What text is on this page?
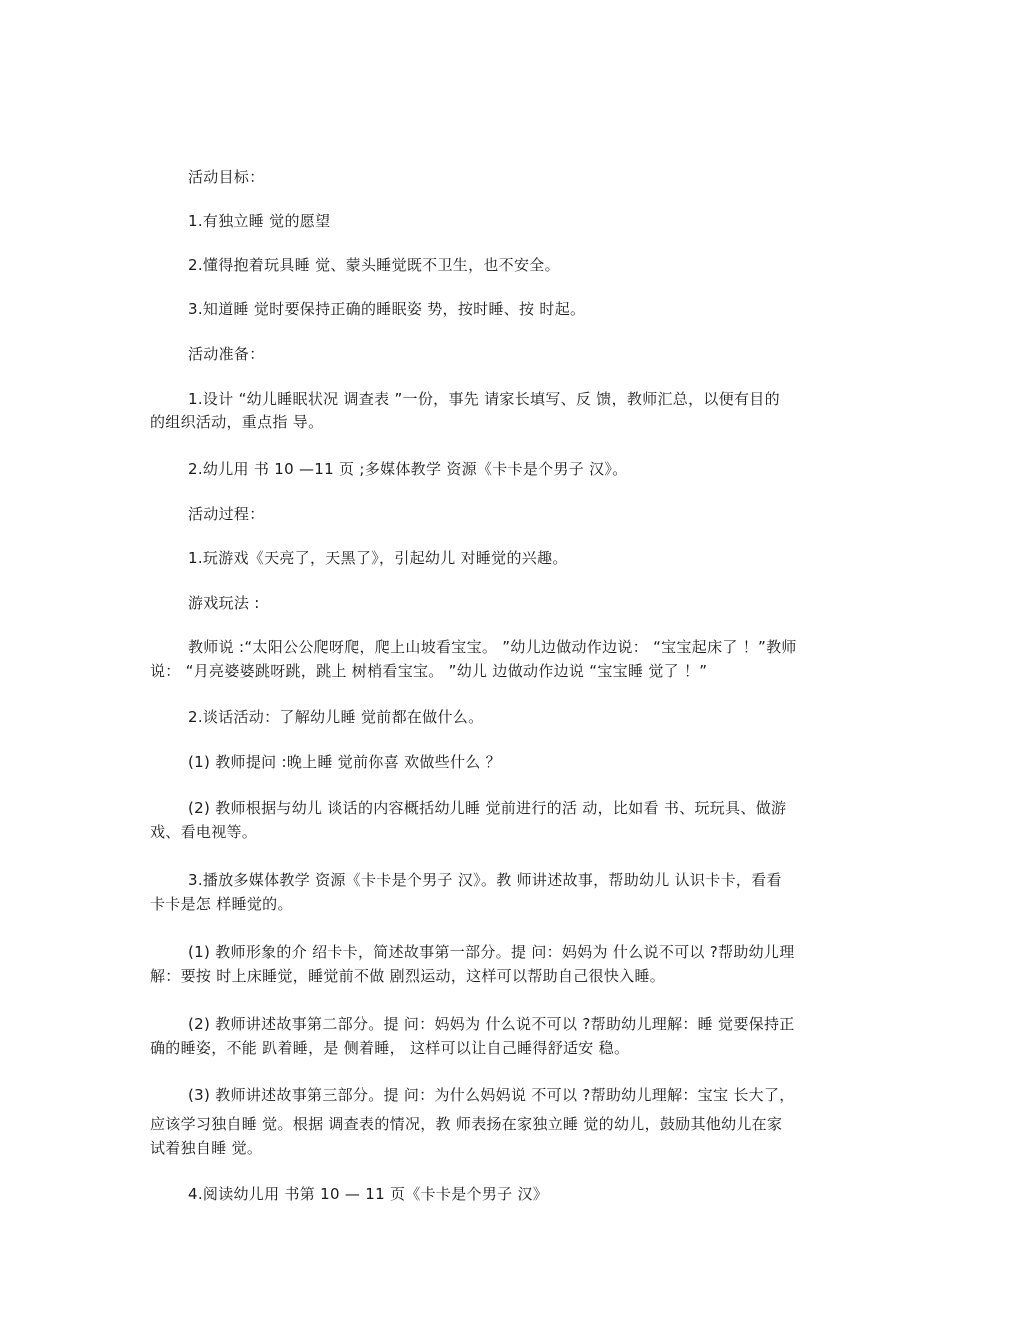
活动目标：
1.有独立睡 觉的愿望
2.懂得抱着玩具睡 觉、蒙头睡觉既不卫生，也不安全。
3.知道睡 觉时要保持正确的睡眠姿 势，按时睡、按 时起。
活动准备：
1.设计 “幼儿睡眠状况 调查表 ”一份，事先 请家长填写、反 馈，教师汇总，以便有目的
的组织活动，重点指 导。
2.幼儿用 书 10 —11 页 ;多媒体教学 资源《卡卡是个男子 汉》。
活动过程：
1.玩游戏《天亮了，天黑了》，引起幼儿 对睡觉的兴趣。
游戏玩法 :
教师说 :“太阳公公爬呀爬，爬上山坡看宝宝。 ”幼儿边做动作边说： “宝宝起床了 ！”教师
说： “月亮婆婆跳呀跳，跳上 树梢看宝宝。 ”幼儿 边做动作边说 “宝宝睡 觉了 ！”
2.谈话活动：了解幼儿睡 觉前都在做什么。
(1) 教师提问 :晚上睡 觉前你喜 欢做些什么 ？
(2) 教师根据与幼儿 谈话的内容概括幼儿睡 觉前进行的活 动，比如看 书、玩玩具、做游
戏、看电视等。
3.播放多媒体教学 资源《卡卡是个男子 汉》。教 师讲述故事，帮助幼儿 认识卡卡，看看
卡卡是怎 样睡觉的。
(1) 教师形象的介 绍卡卡，简述故事第一部分。提 问：妈妈为 什么说不可以 ?帮助幼儿理
解：要按 时上床睡觉，睡觉前不做 剧烈运动，这样可以帮助自己很快入睡。
(2) 教师讲述故事第二部分。提 问：妈妈为 什么说不可以 ?帮助幼儿理解：睡 觉要保持正
确的睡姿，不能 趴着睡，是 侧着睡， 这样可以让自己睡得舒适安 稳。
(3) 教师讲述故事第三部分。提 问：为什么妈妈说 不可以 ?帮助幼儿理解：宝宝 长大了，
应该学习独自睡 觉。根据 调查表的情况，教 师表扬在家独立睡 觉的幼儿，鼓励其他幼儿在家
试着独自睡 觉。
4.阅读幼儿用 书第 10 — 11 页《卡卡是个男子 汉》
